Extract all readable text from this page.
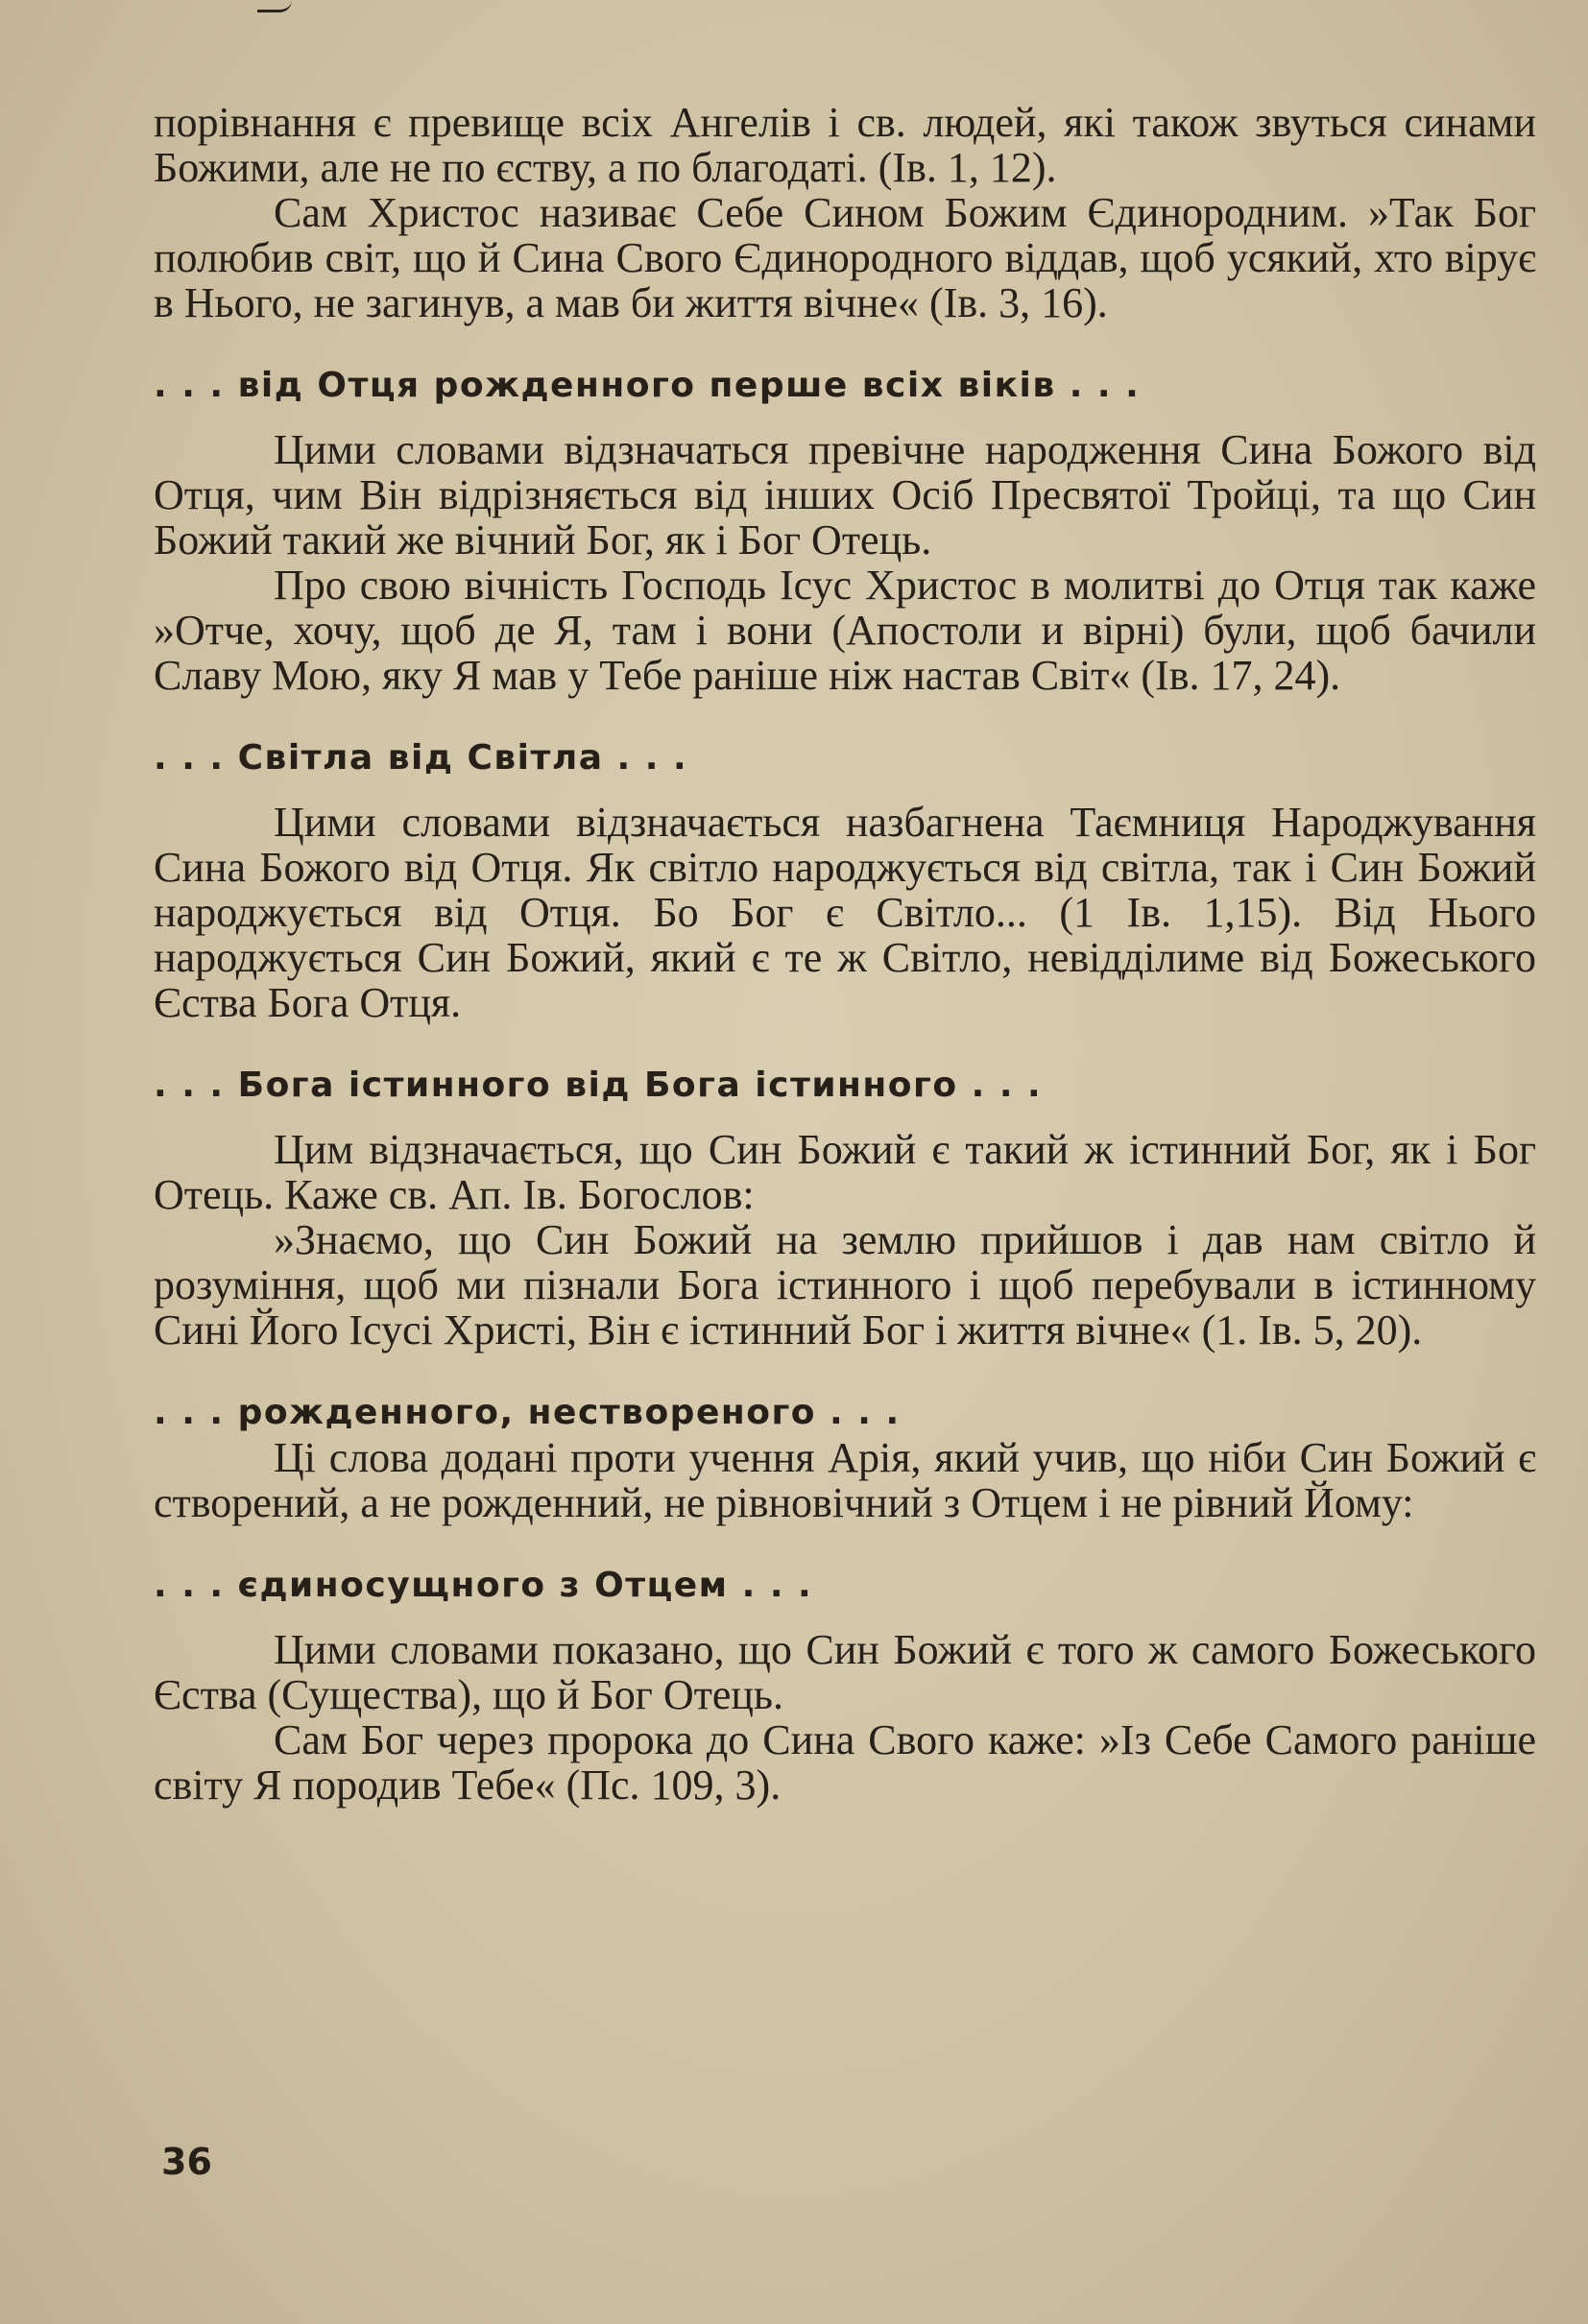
порівнання є превище всіх Ангелів і св. людей, які також звуться синами Божими, але не по єству, а по благодаті. (Ів. 1, 12).

Сам Христос називає Себе Сином Божим Єдинородним. »Так Бог полюбив світ, що й Сина Свого Єдинородного віддав, щоб усякий, хто вірує в Нього, не загинув, а мав би життя вічне« (Ів. 3, 16).

. . . від Отця рожденного перше всіх віків . . .

Цими словами відзначаться превічне народження Сина Божого від Отця, чим Він відрізняється від інших Осіб Пресвятої Тройці, та що Син Божий такий же вічний Бог, як і Бог Отець.

Про свою вічність Господь Ісус Христос в молитві до Отця так каже »Отче, хочу, щоб де Я, там і вони (Апостоли и вірні) були, щоб бачили Славу Мою, яку Я мав у Тебе раніше ніж настав Світ« (Ів. 17, 24).

. . . Світла від Світла . . .

Цими словами відзначається назбагнена Таємниця Народжування Сина Божого від Отця. Як світло народжується від світла, так і Син Божий народжується від Отця. Бо Бог є Світло... (1 Ів. 1,15). Від Нього народжується Син Божий, який є те ж Світло, невідділиме від Божеського Єства Бога Отця.

. . . Бога істинного від Бога істинного . . .

Цим відзначається, що Син Божий є такий ж істинний Бог, як і Бог Отець. Каже св. Ап. Ів. Богослов:

»Знаємо, що Син Божий на землю прийшов і дав нам світло й розуміння, щоб ми пізнали Бога істинного і щоб перебували в істинному Сині Його Ісусі Христі, Він є істинний Бог і життя вічне« (1. Ів. 5, 20).

. . . рожденного, нествореного . . .

Ці слова додані проти учення Арія, який учив, що ніби Син Божий є створений, а не рожденний, не рівновічний з Отцем і не рівний Йому:

. . . єдиносущного з Отцем . . .

Цими словами показано, що Син Божий є того ж самого Божеського Єства (Существа), що й Бог Отець.

Сам Бог через пророка до Сина Свого каже: »Із Себе Самого раніше світу Я породив Тебе« (Пс. 109, 3).

36
